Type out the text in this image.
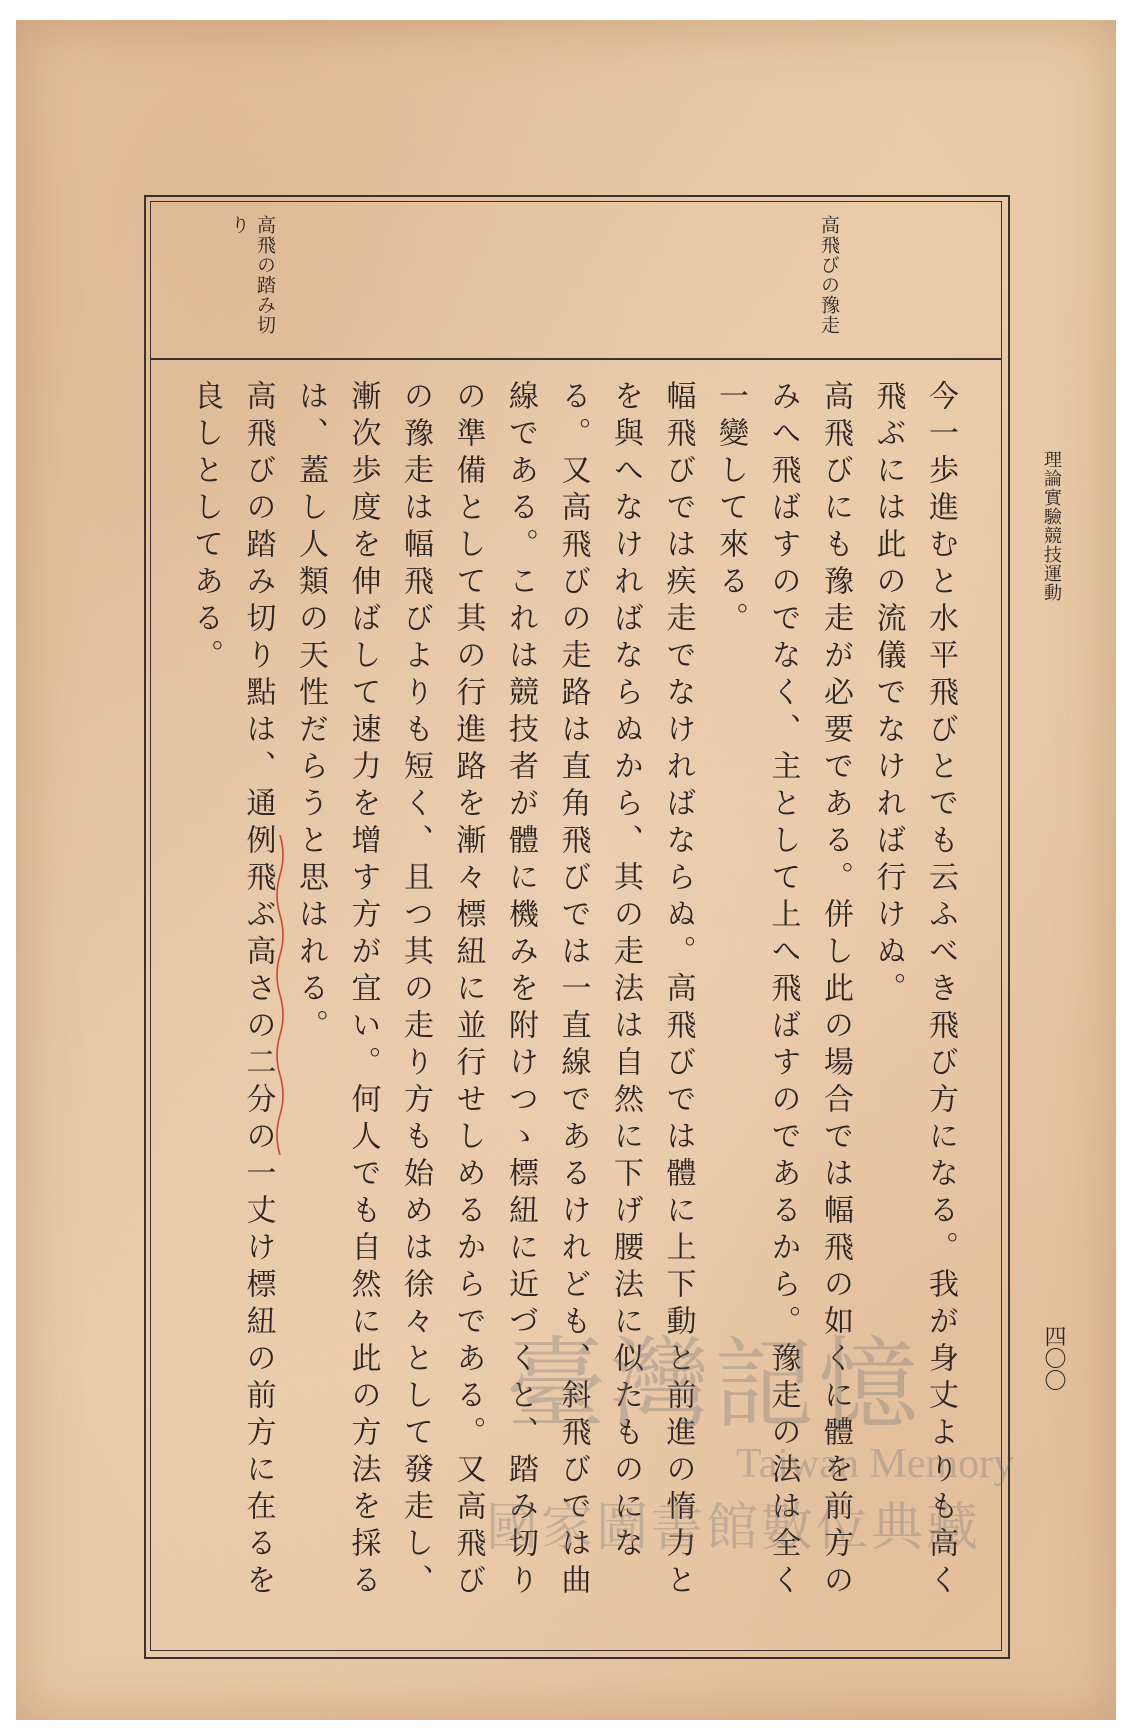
理論實驗競技運動
四〇〇
高飛びの豫走
高飛の踏み切り

今一歩進むと水平飛びとでも云ふべき飛び方になる。我が身丈よりも高く飛ぶには此の流儀でなければ行けぬ。

高飛びにも豫走が必要である。併し此の場合では幅飛の如くに體を前方のみへ飛ばすのでなく、主として上へ飛ばすのであるから。豫走の法は全く一變して來る。

幅飛びでは疾走でなければならぬ。高飛びでは體に上下動と前進の惰力とを與へなければならぬから、其の走法は自然に下げ腰法に似たものになる。又高飛びの走路は直角飛びでは一直線であるけれども、斜飛びでは曲線である。これは競技者が體に機みを附けつゝ標紐に近づくと、踏み切りの準備として其の行進路を漸々標紐に並行せしめるからである。又高飛びの豫走は幅飛びよりも短く、且つ其の走り方も始めは徐々として發走し、漸次歩度を伸ばして速力を增す方が宜い。何人でも自然に此の方法を採るは、蓋し人類の天性だらうと思はれる。

高飛びの踏み切り點は、通例飛ぶ高さの二分の一丈け標紐の前方に在るを良しとしてある。

臺灣記憶
Taiwan Memory
國家圖書館數位典藏
